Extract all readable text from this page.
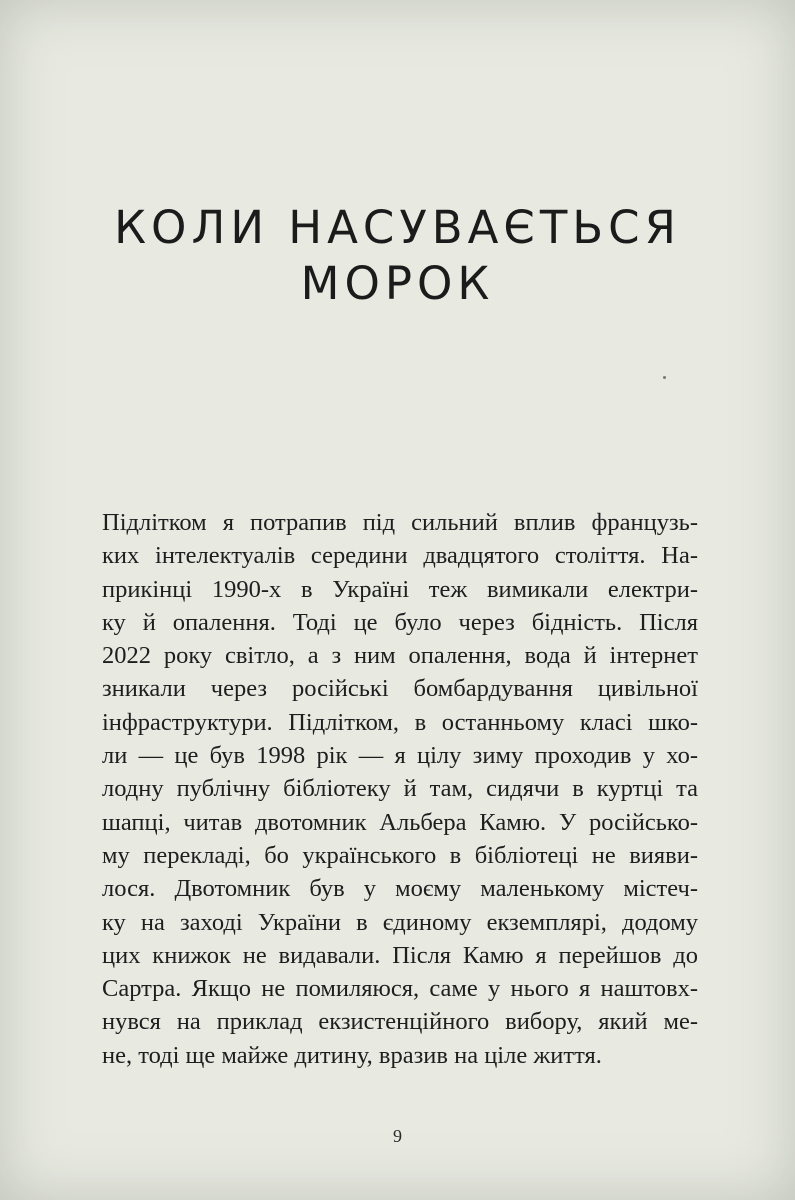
КОЛИ НАСУВАЄТЬСЯ
МОРОК

Підлітком я потрапив під сильний вплив французь-
ких інтелектуалів середини двадцятого століття. На-
прикінці 1990-х в Україні теж вимикали електри-
ку й опалення. Тоді це було через бідність. Після
2022 року світло, а з ним опалення, вода й інтернет
зникали через російські бомбардування цивільної
інфраструктури. Підлітком, в останньому класі шко-
ли — це був 1998 рік — я цілу зиму проходив у хо-
лодну публічну бібліотеку й там, сидячи в куртці та
шапці, читав двотомник Альбера Камю. У російсько-
му перекладі, бо українського в бібліотеці не вияви-
лося. Двотомник був у моєму маленькому містеч-
ку на заході України в єдиному екземплярі, додому
цих книжок не видавали. Після Камю я перейшов до
Сартра. Якщо не помиляюся, саме у нього я наштовх-
нувся на приклад екзистенційного вибору, який ме-
не, тоді ще майже дитину, вразив на ціле життя.

9
